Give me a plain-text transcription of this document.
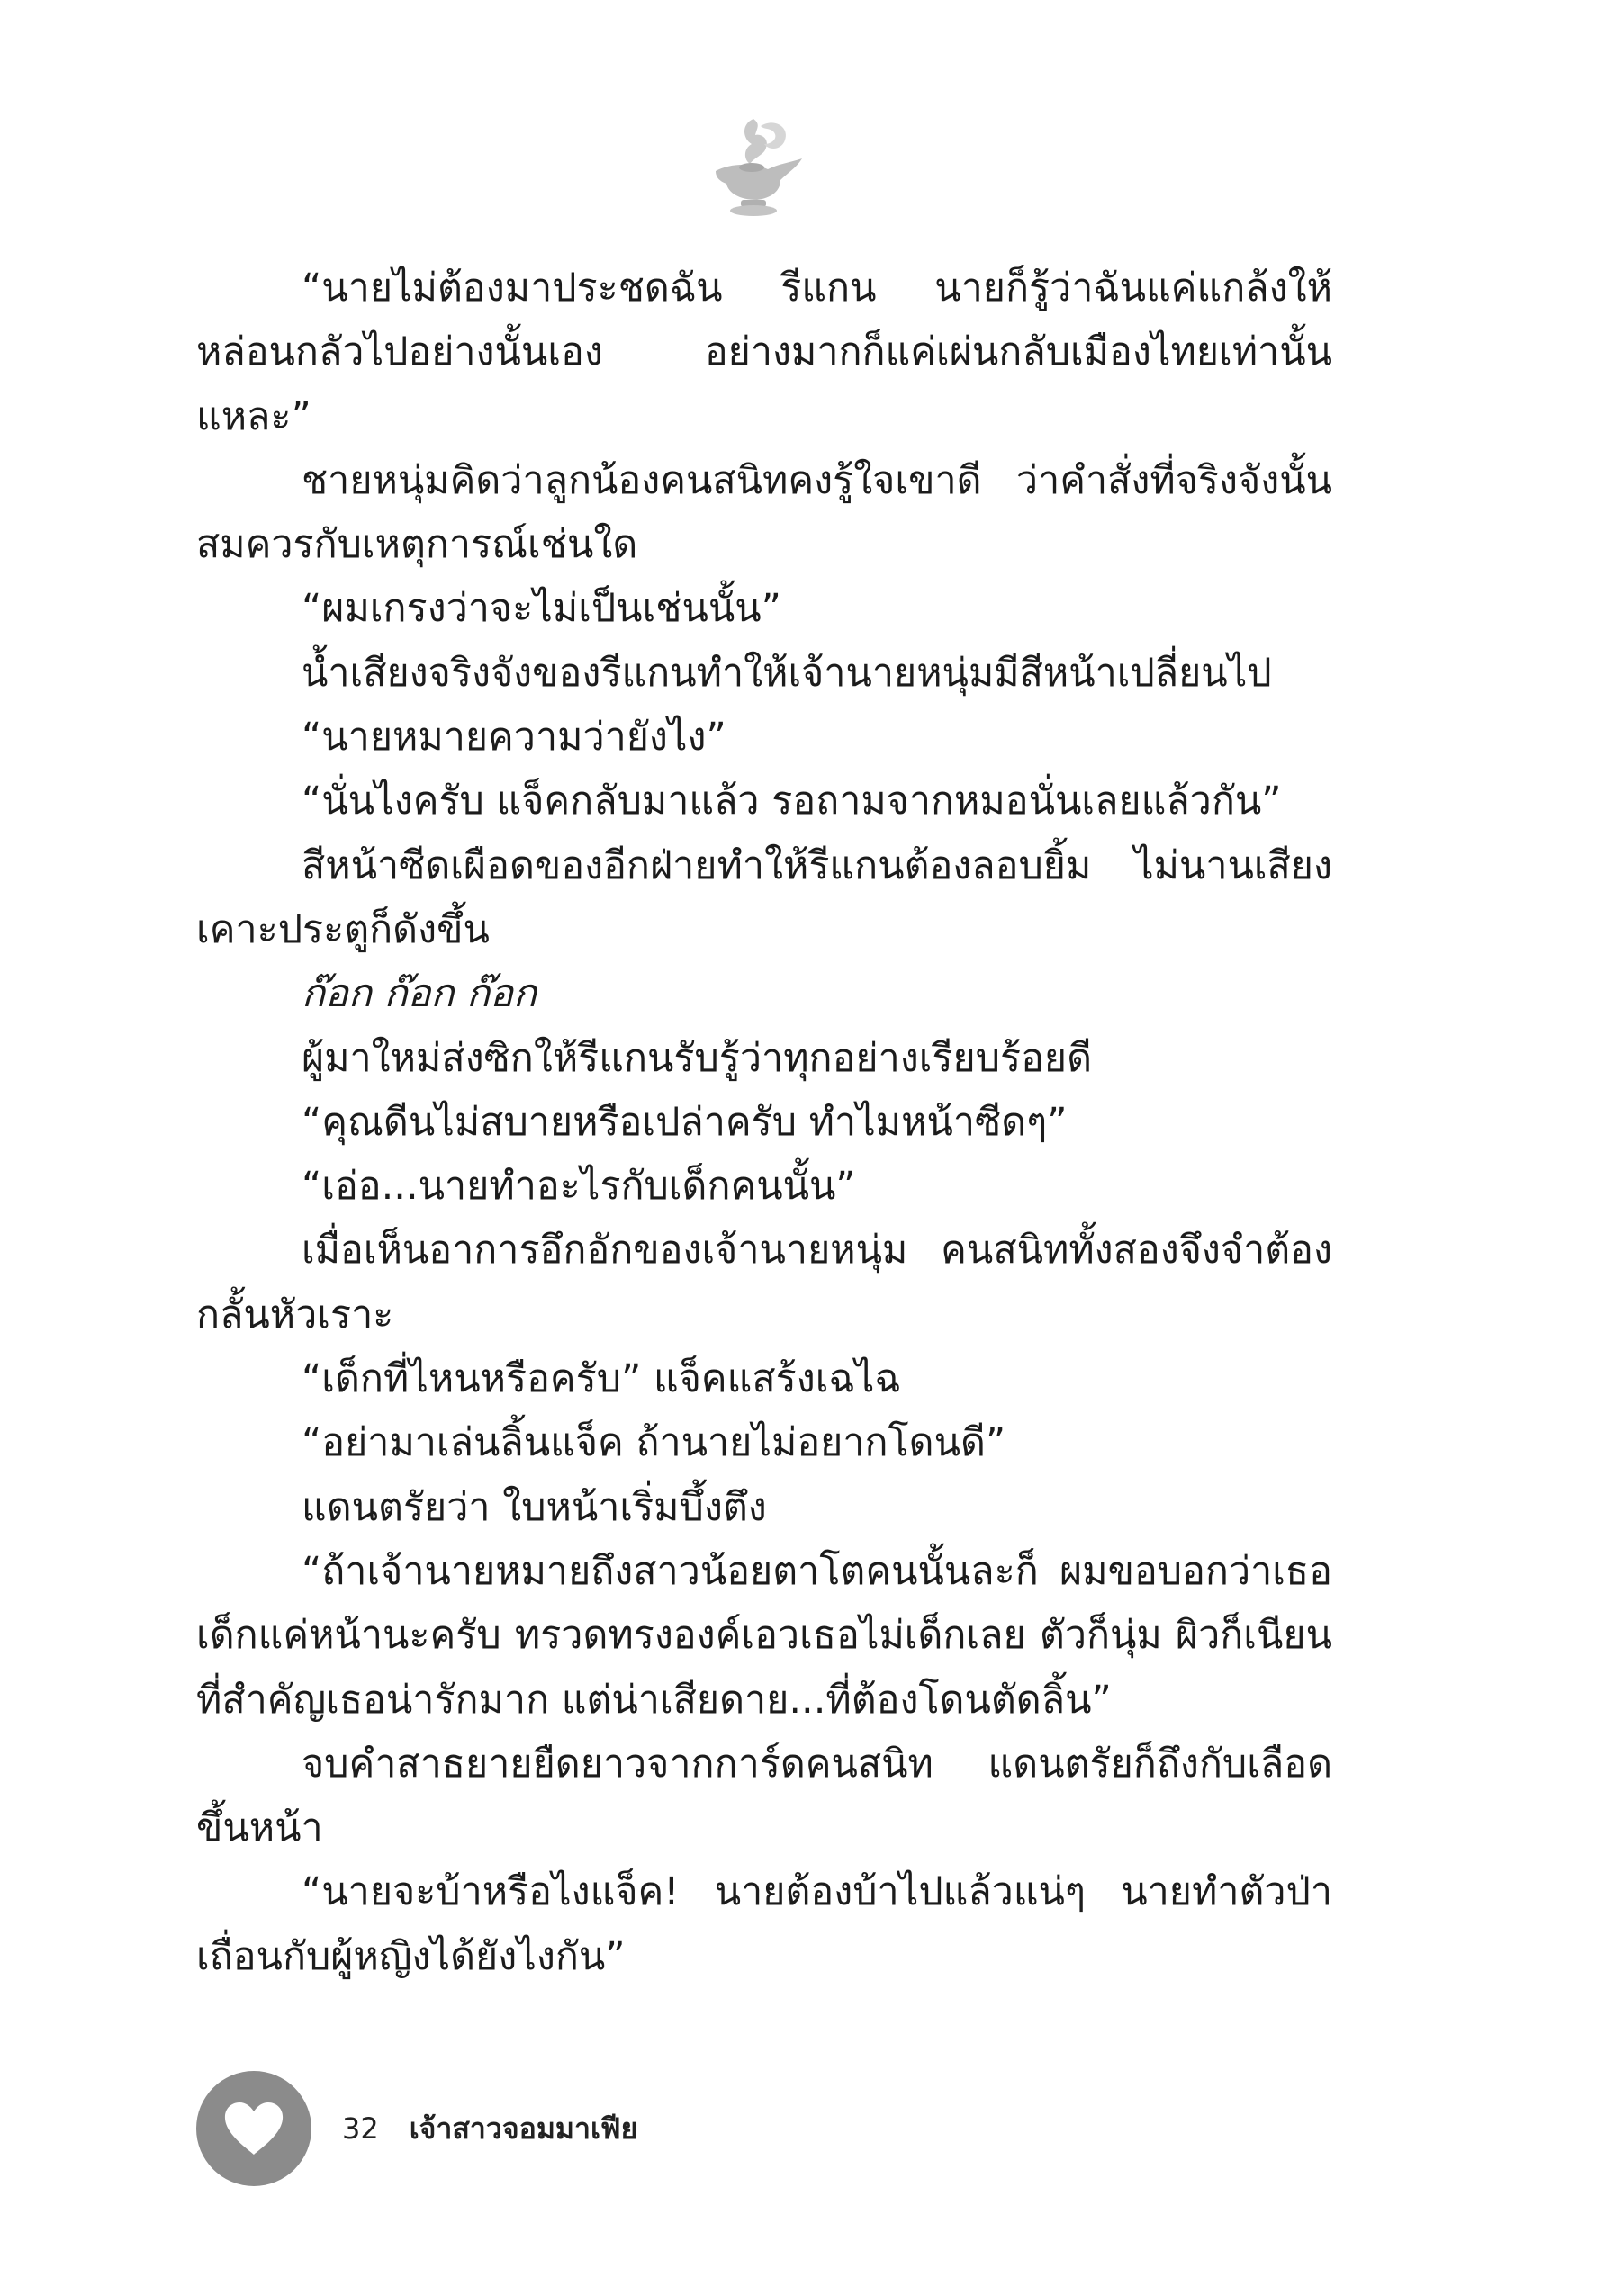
“นายไม่ต้องมาประชดฉัน รีแกน นายก็รู้ว่าฉันแค่แกล้งให้หล่อนกลัวไปอย่างนั้นเอง อย่างมากก็แค่เผ่นกลับเมืองไทยเท่านั้นแหละ”

ชายหนุ่มคิดว่าลูกน้องคนสนิทคงรู้ใจเขาดี ว่าคำสั่งที่จริงจังนั้นสมควรกับเหตุการณ์เช่นใด

“ผมเกรงว่าจะไม่เป็นเช่นนั้น”

น้ำเสียงจริงจังของรีแกนทำให้เจ้านายหนุ่มมีสีหน้าเปลี่ยนไป

“นายหมายความว่ายังไง”

“นั่นไงครับ แจ็คกลับมาแล้ว รอถามจากหมอนั่นเลยแล้วกัน”

สีหน้าซีดเผือดของอีกฝ่ายทำให้รีแกนต้องลอบยิ้ม ไม่นานเสียงเคาะประตูก็ดังขึ้น

ก๊อก ก๊อก ก๊อก

ผู้มาใหม่ส่งซิกให้รีแกนรับรู้ว่าทุกอย่างเรียบร้อยดี

“คุณดีนไม่สบายหรือเปล่าครับ ทำไมหน้าซีดๆ”

“เอ่อ...นายทำอะไรกับเด็กคนนั้น”

เมื่อเห็นอาการอึกอักของเจ้านายหนุ่ม คนสนิททั้งสองจึงจำต้องกลั้นหัวเราะ

“เด็กที่ไหนหรือครับ” แจ็คแสร้งเฉไฉ

“อย่ามาเล่นลิ้นแจ็ค ถ้านายไม่อยากโดนดี”

แดนตรัยว่า ใบหน้าเริ่มบึ้งตึง

“ถ้าเจ้านายหมายถึงสาวน้อยตาโตคนนั้นละก็ ผมขอบอกว่าเธอเด็กแค่หน้านะครับ ทรวดทรงองค์เอวเธอไม่เด็กเลย ตัวก็นุ่ม ผิวก็เนียน ที่สำคัญเธอน่ารักมาก แต่น่าเสียดาย...ที่ต้องโดนตัดลิ้น”

จบคำสาธยายยืดยาวจากการ์ดคนสนิท แดนตรัยก็ถึงกับเลือดขึ้นหน้า

“นายจะบ้าหรือไงแจ็ค! นายต้องบ้าไปแล้วแน่ๆ นายทำตัวป่าเถื่อนกับผู้หญิงได้ยังไงกัน”

32 เจ้าสาวจอมมาเฟีย
